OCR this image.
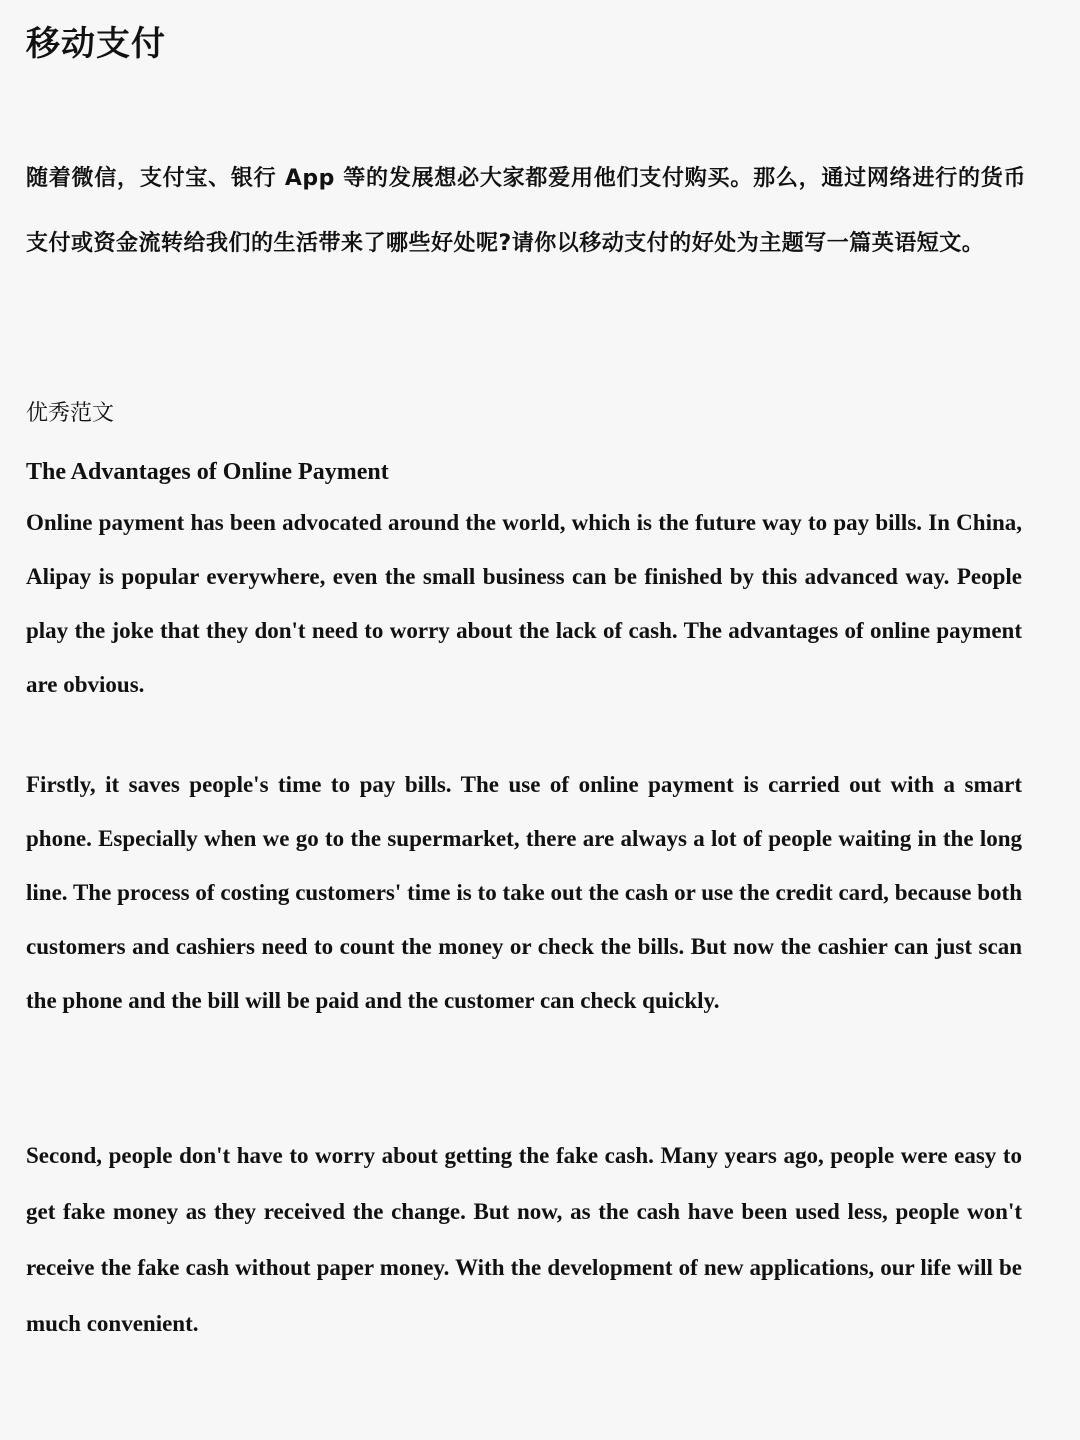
移动支付

随着微信，支付宝、银行 App 等的发展想必大家都爱用他们支付购买。那么，通过网络进行的货币支付或资金流转给我们的生活带来了哪些好处呢?请你以移动支付的好处为主题写一篇英语短文。

优秀范文

The Advantages of Online Payment

Online payment has been advocated around the world, which is the future way to pay bills. In China, Alipay is popular everywhere, even the small business can be finished by this advanced way. People play the joke that they don't need to worry about the lack of cash. The advantages of online payment are obvious.

Firstly, it saves people's time to pay bills. The use of online payment is carried out with a smart phone. Especially when we go to the supermarket, there are always a lot of people waiting in the long line. The process of costing customers' time is to take out the cash or use the credit card, because both customers and cashiers need to count the money or check the bills. But now the cashier can just scan the phone and the bill will be paid and the customer can check quickly.

Second, people don't have to worry about getting the fake cash. Many years ago, people were easy to get fake money as they received the change. But now, as the cash have been used less, people won't receive the fake cash without paper money. With the development of new applications, our life will be much convenient.
